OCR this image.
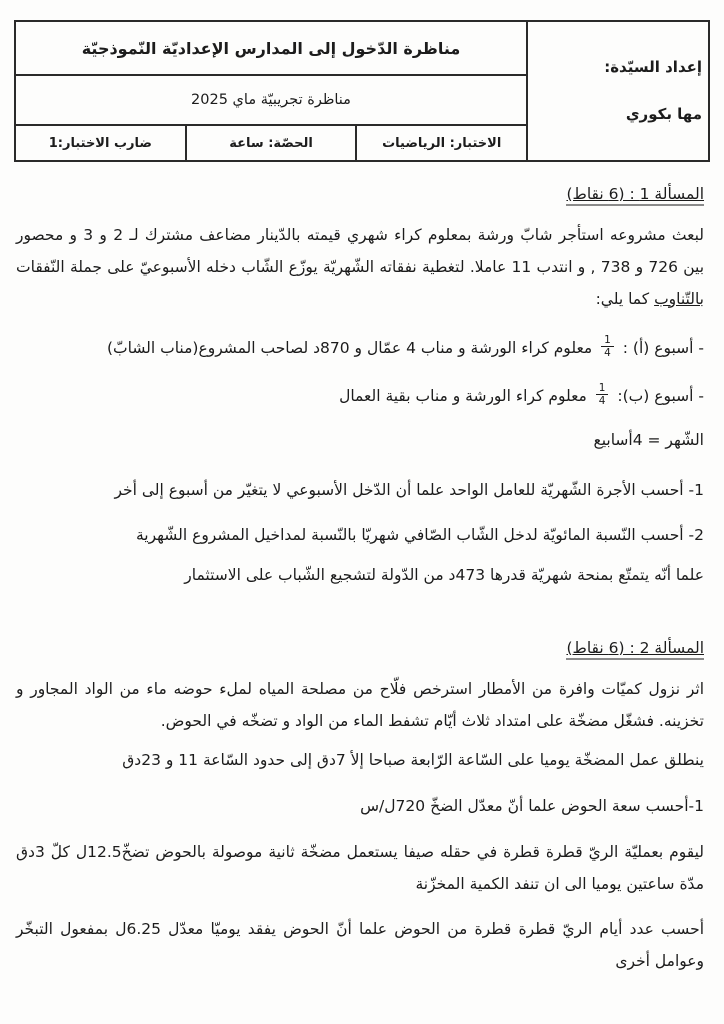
إعداد السيّدة:
مها بكوري	مناظرة الدّخول إلى المدارس الإعداديّة النّموذجيّة		
	مناظرة تجريبيّة ماي 2025		
	الاختبار: الرياضيات	الحصّة: ساعة	ضارب الاختبار:1
المسألة 1 : (6 نقاط)

لبعث مشروعه استأجر شابّ ورشة بمعلوم كراء شهري قيمته بالدّينار مضاعف مشترك لـ 2 و 3 و محصور بين 726 و 738 , و انتدب 11 عاملا. لتغطية نفقاته الشّهريّة يوزّع الشّاب دخله الأسبوعيّ على جملة النّفقات بالتّناوب كما يلي:

- أسبوع (أ) :
$\frac{1}{4}$
معلوم كراء الورشة و مناب 4 عمّال و 870د لصاحب المشروع(مناب الشابّ)

- أسبوع (ب):
$\frac{1}{4}$
معلوم كراء الورشة و مناب بقية العمال

الشّهر = 4أسابيع

1- أحسب الأجرة الشّهريّة للعامل الواحد علما أن الدّخل الأسبوعي لا يتغيّر من أسبوع إلى أخر

2- أحسب النّسبة المائويّة لدخل الشّاب الصّافي شهريّا بالنّسبة لمداخيل المشروع الشّهرية

علما أنّه يتمتّع بمنحة شهريّة قدرها 473د من الدّولة لتشجيع الشّباب على الاستثمار

المسألة 2 : (6 نقاط)

اثر نزول كميّات وافرة من الأمطار استرخص فلّاح من مصلحة المياه لملء حوضه ماء من الواد المجاور و تخزينه. فشغّل مضخّة على امتداد ثلاث أيّام تشفط الماء من الواد و تضخّه في الحوض.

ينطلق عمل المضخّة يوميا على السّاعة الرّابعة صباحا إلأ 7دق إلى حدود السّاعة 11 و 23دق

1-أحسب سعة الحوض علما أنّ معدّل الضخّ 720ل/س

ليقوم بعمليّة الريّ قطرة قطرة في حقله صيفا يستعمل مضخّة ثانية موصولة بالحوض تضخّ12.5ل كلّ 3دق مدّة ساعتين يوميا الى ان تنفد الكمية المخزّنة

أحسب عدد أيام الريّ قطرة قطرة من الحوض علما أنّ الحوض يفقد يوميّا معدّل 6.25ل بمفعول التبخّر وعوامل أخرى
